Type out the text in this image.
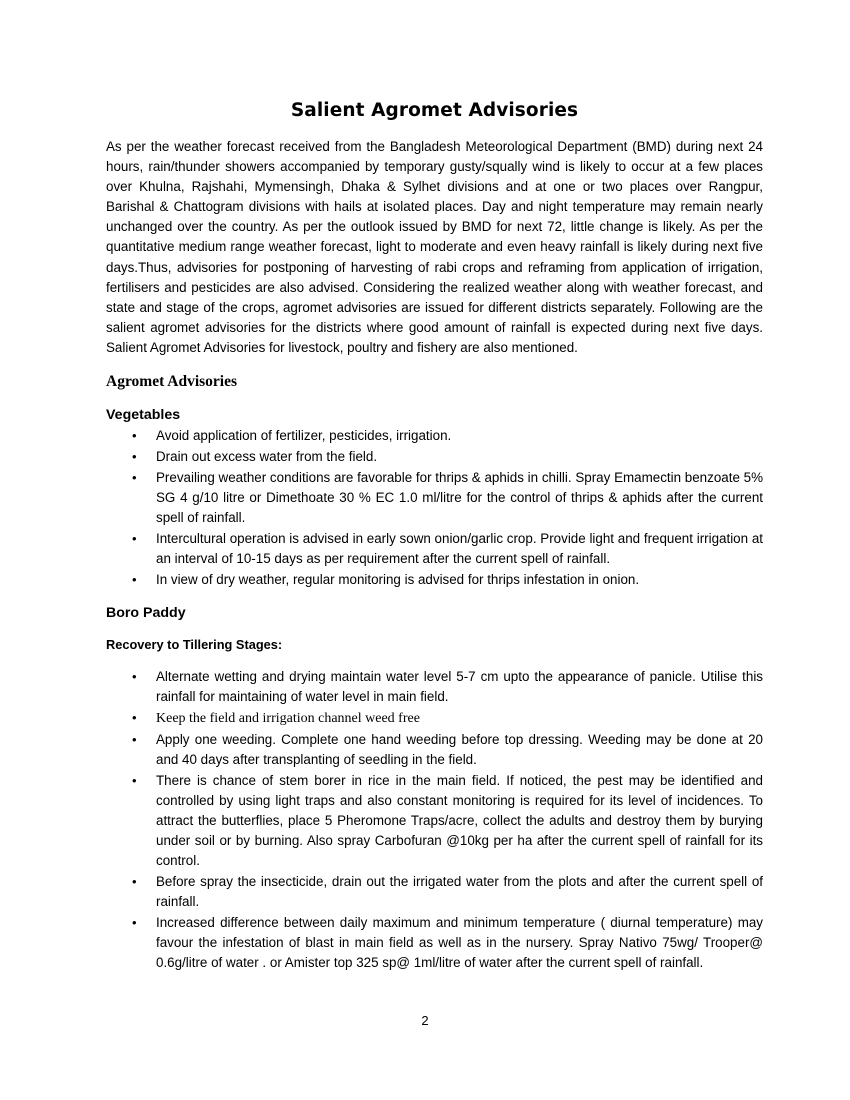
Salient Agromet Advisories

As per the weather forecast received from the Bangladesh Meteorological Department (BMD) during next 24 hours, rain/thunder showers accompanied by temporary gusty/squally wind is likely to occur at a few places over Khulna, Rajshahi, Mymensingh, Dhaka & Sylhet divisions and at one or two places over Rangpur, Barishal & Chattogram divisions with hails at isolated places. Day and night temperature may remain nearly unchanged over the country. As per the outlook issued by BMD for next 72, little change is likely. As per the quantitative medium range weather forecast, light to moderate and even heavy rainfall is likely during next five days.Thus, advisories for postponing of harvesting of rabi crops and reframing from application of irrigation, fertilisers and pesticides are also advised. Considering the realized weather along with weather forecast, and state and stage of the crops, agromet advisories are issued for different districts separately. Following are the salient agromet advisories for the districts where good amount of rainfall is expected during next five days. Salient Agromet Advisories for livestock, poultry and fishery are also mentioned.

Agromet Advisories
Vegetables
• Avoid application of fertilizer, pesticides, irrigation.
• Drain out excess water from the field.
• Prevailing weather conditions are favorable for thrips & aphids in chilli. Spray Emamectin benzoate 5% SG 4 g/10 litre or Dimethoate 30 % EC 1.0 ml/litre for the control of thrips & aphids after the current spell of rainfall.
• Intercultural operation is advised in early sown onion/garlic crop. Provide light and frequent irrigation at an interval of 10-15 days as per requirement after the current spell of rainfall.
• In view of dry weather, regular monitoring is advised for thrips infestation in onion.
Boro Paddy
Recovery to Tillering Stages:
• Alternate wetting and drying maintain water level 5-7 cm upto the appearance of panicle. Utilise this rainfall for maintaining of water level in main field.
• Keep the field and irrigation channel weed free
• Apply one weeding. Complete one hand weeding before top dressing. Weeding may be done at 20 and 40 days after transplanting of seedling in the field.
• There is chance of stem borer in rice in the main field. If noticed, the pest may be identified and controlled by using light traps and also constant monitoring is required for its level of incidences. To attract the butterflies, place 5 Pheromone Traps/acre, collect the adults and destroy them by burying under soil or by burning. Also spray Carbofuran @10kg per ha after the current spell of rainfall for its control.
• Before spray the insecticide, drain out the irrigated water from the plots and after the current spell of rainfall.
• Increased difference between daily maximum and minimum temperature ( diurnal temperature) may favour the infestation of blast in main field as well as in the nursery. Spray Nativo 75wg/ Trooper@ 0.6g/litre of water . or Amister top 325 sp@ 1ml/litre of water after the current spell of rainfall.
2
